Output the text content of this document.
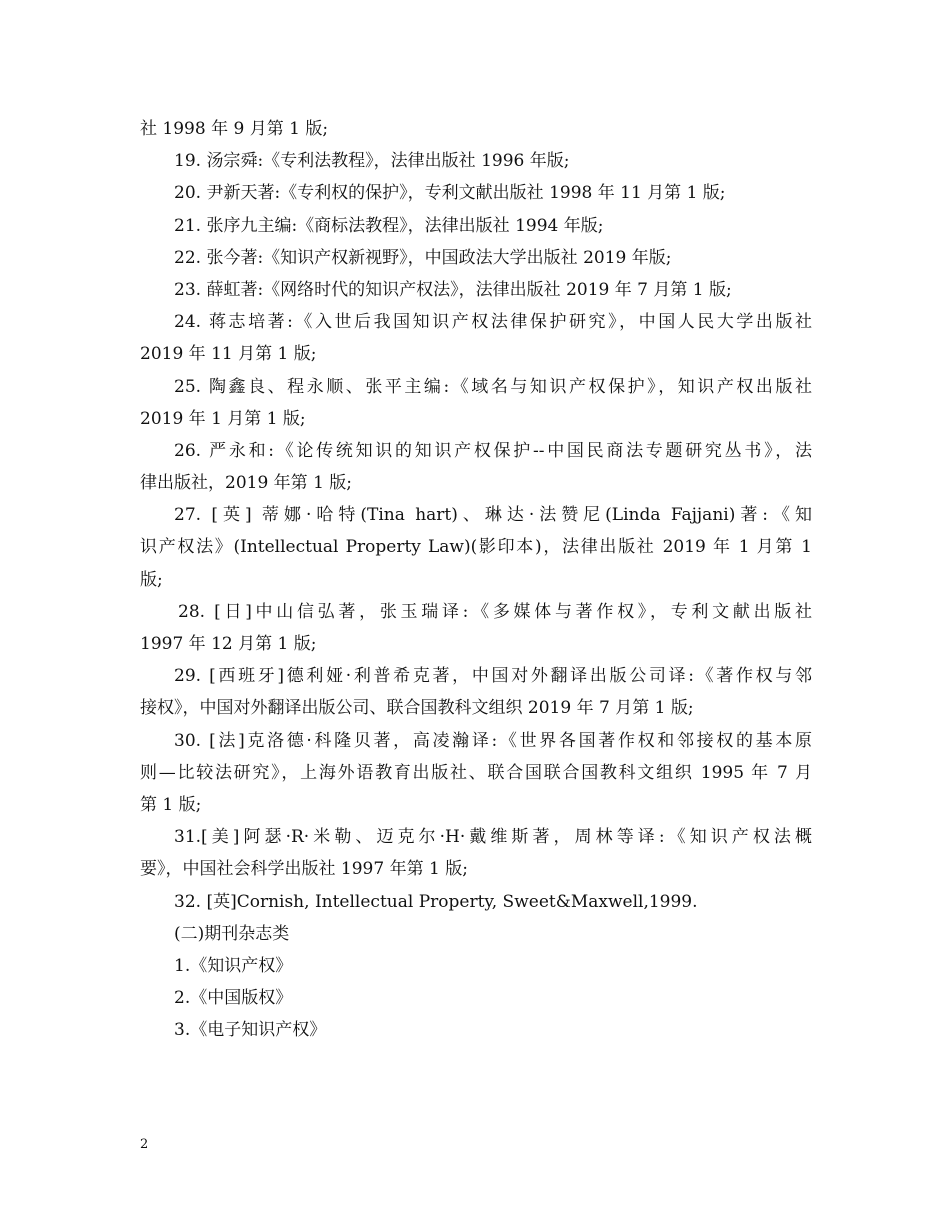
社 1998 年 9 月第 1 版;
19. 汤宗舜:《专利法教程》，法律出版社 1996 年版;
20. 尹新天著:《专利权的保护》，专利文献出版社 1998 年 11 月第 1 版;
21. 张序九主编:《商标法教程》，法律出版社 1994 年版;
22. 张今著:《知识产权新视野》，中国政法大学出版社 2019 年版;
23. 薛虹著:《网络时代的知识产权法》，法律出版社 2019 年 7 月第 1 版;
24. 蒋志培著:《入世后我国知识产权法律保护研究》，中国人民大学出版社
2019 年 11 月第 1 版;
25. 陶鑫良、程永顺、张平主编:《域名与知识产权保护》，知识产权出版社
2019 年 1 月第 1 版;
26. 严永和:《论传统知识的知识产权保护--中国民商法专题研究丛书》，法
律出版社，2019 年第 1 版;
27. [英] 蒂娜·哈特(Tina hart)、琳达·法赞尼(Linda Fajjani)著:《知
识产权法》(Intellectual Property Law)(影印本)，法律出版社 2019 年 1 月第 1
版;
28. [日]中山信弘著，张玉瑞译:《多媒体与著作权》，专利文献出版社
1997 年 12 月第 1 版;
29. [西班牙]德利娅·利普希克著，中国对外翻译出版公司译:《著作权与邻
接权》，中国对外翻译出版公司、联合国教科文组织 2019 年 7 月第 1 版;
30. [法]克洛德·科隆贝著，高凌瀚译:《世界各国著作权和邻接权的基本原
则—比较法研究》，上海外语教育出版社、联合国联合国教科文组织 1995 年 7 月
第 1 版;
31.[美]阿瑟·R·米勒、迈克尔·H·戴维斯著，周林等译:《知识产权法概
要》，中国社会科学出版社 1997 年第 1 版;
32. [英]Cornish, Intellectual Property, Sweet&Maxwell,1999.
(二)期刊杂志类
1.《知识产权》
2.《中国版权》
3.《电子知识产权》
2
